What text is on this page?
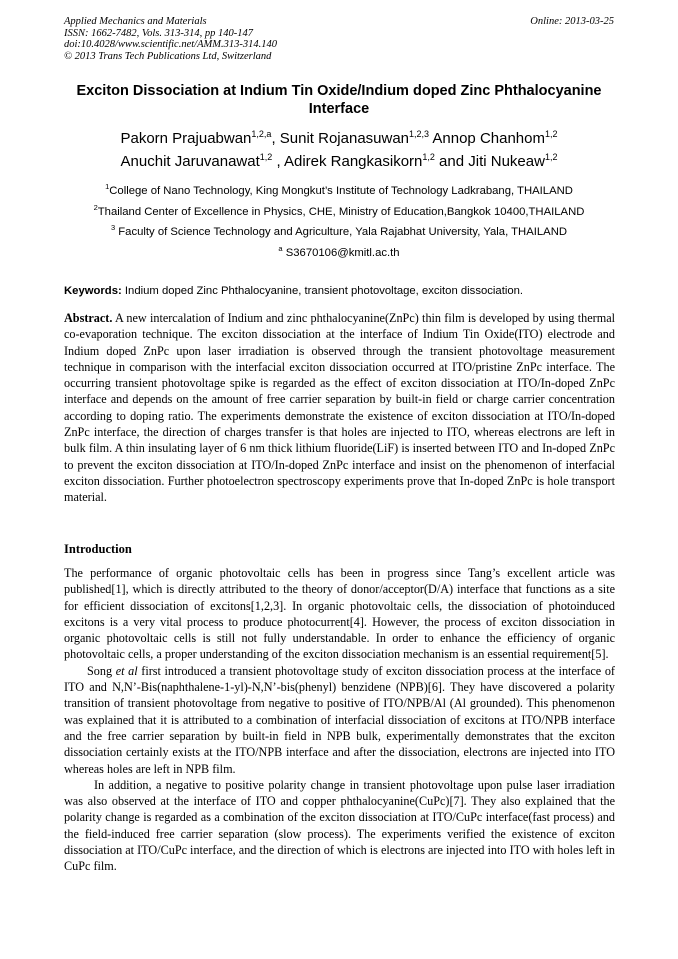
Applied Mechanics and Materials
ISSN: 1662-7482, Vols. 313-314, pp 140-147
doi:10.4028/www.scientific.net/AMM.313-314.140
© 2013 Trans Tech Publications Ltd, Switzerland
Online: 2013-03-25
Exciton Dissociation at Indium Tin Oxide/Indium doped Zinc Phthalocyanine Interface
Pakorn Prajuabwan$^{1,2,a}$, Sunit Rojanasuwan$^{1,2,3}$ Annop Chanhom$^{1,2}$
Anuchit Jaruvanawat$^{1,2}$ , Adirek Rangkasikorn$^{1,2}$ and Jiti Nukeaw$^{1,2}$
$^1$College of Nano Technology, King Mongkut’s Institute of Technology Ladkrabang, THAILAND
$^2$Thailand Center of Excellence in Physics, CHE, Ministry of Education,Bangkok 10400,THAILAND
$^3$ Faculty of Science Technology and Agriculture, Yala Rajabhat University, Yala, THAILAND
$^a$ S3670106@kmitl.ac.th
Keywords: Indium doped Zinc Phthalocyanine, transient photovoltage, exciton dissociation.
Abstract. A new intercalation of Indium and zinc phthalocyanine(ZnPc) thin film is developed by using thermal co-evaporation technique. The exciton dissociation at the interface of Indium Tin Oxide(ITO) electrode and Indium doped ZnPc upon laser irradiation is observed through the transient photovoltage measurement technique in comparison with the interfacial exciton dissociation occurred at ITO/pristine ZnPc interface. The occurring transient photovoltage spike is regarded as the effect of exciton dissociation at ITO/In-doped ZnPc interface and depends on the amount of free carrier separation by built-in field or charge carrier concentration according to doping ratio. The experiments demonstrate the existence of exciton dissociation at ITO/In-doped ZnPc interface, the direction of charges transfer is that holes are injected to ITO, whereas electrons are left in bulk film. A thin insulating layer of 6 nm thick lithium fluoride(LiF) is inserted between ITO and In-doped ZnPc to prevent the exciton dissociation at ITO/In-doped ZnPc interface and insist on the phenomenon of interfacial exciton dissociation. Further photoelectron spectroscopy experiments prove that In-doped ZnPc is hole transport material.
Introduction

The performance of organic photovoltaic cells has been in progress since Tang’s excellent article was published[1], which is directly attributed to the theory of donor/acceptor(D/A) interface that functions as a site for efficient dissociation of excitons[1,2,3]. In organic photovoltaic cells, the dissociation of photoinduced excitons is a very vital process to produce photocurrent[4]. However, the process of exciton dissociation in organic photovoltaic cells is still not fully understandable. In order to enhance the efficiency of organic photovoltaic cells, a proper understanding of the exciton dissociation mechanism is an essential requirement[5].

Song et al first introduced a transient photovoltage study of exciton dissociation process at the interface of ITO and N,N’-Bis(naphthalene-1-yl)-N,N’-bis(phenyl) benzidene (NPB)[6]. They have discovered a polarity transition of transient photovoltage from negative to positive of ITO/NPB/Al (Al grounded). This phenomenon was explained that it is attributed to a combination of interfacial dissociation of excitons at ITO/NPB interface and the free carrier separation by built-in field in NPB bulk, experimentally demonstrates that the exciton dissociation certainly exists at the ITO/NPB interface and after the dissociation, electrons are injected into ITO whereas holes are left in NPB film.

In addition, a negative to positive polarity change in transient photovoltage upon pulse laser irradiation was also observed at the interface of ITO and copper phthalocyanine(CuPc)[7]. They also explained that the polarity change is regarded as a combination of the exciton dissociation at ITO/CuPc interface(fast process) and the field-induced free carrier separation (slow process). The experiments verified the existence of exciton dissociation at ITO/CuPc interface, and the direction of which is electrons are injected into ITO with holes left in CuPc film.
